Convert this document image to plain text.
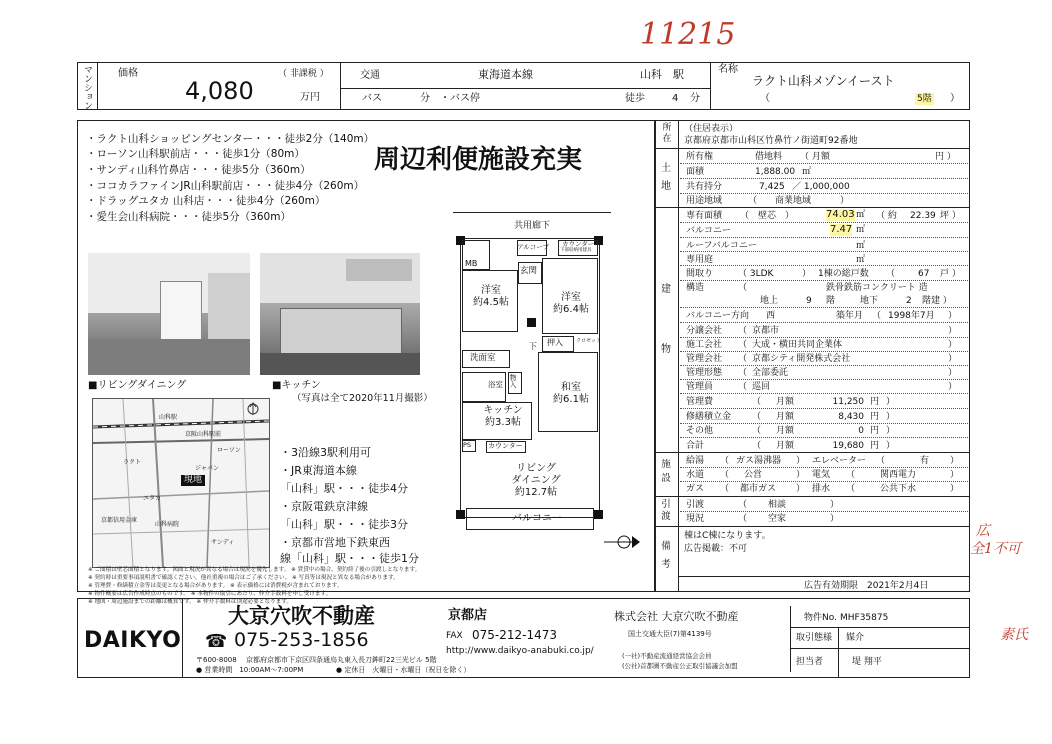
11215
広
全1不可
素氏
マンション	価格	（ 非課税 ）
4,080	万円
交通	東海道本線	山科　駅
バス	分　・バス停	徒歩	4 分
名称
ラクト山科メゾンイースト
（	5階 ）
・ラクト山科ショッピングセンター・・・徒歩2分（140m）
・ローソン山科駅前店・・・徒歩1分（80m）
・サンディ山科竹鼻店・・・徒歩5分（360m）
・ココカラファインJR山科駅前店・・・徒歩4分（260m）
・ドラッグユタカ 山科店・・・徒歩4分（260m）
・愛生会山科病院・・・徒歩5分（360m）
周辺利便施設充実
■リビングダイニング	■キッチン
（写真は全て2020年11月撮影）
現地
京阪山科駅前
ジャパン
サンディ
ユタカ
山科病院
京都信用金庫
山科駅
ローソン
ラクト
・3沿線3駅利用可
・JR東海道本線
「山科」駅・・・徒歩4分
・京阪電鉄京津線
「山科」駅・・・徒歩3分
・京都市営地下鉄東西
線「山科」駅・・・徒歩1分
共用廊下
MB
アルコーブ カウンター
下部収納用建具
洋室
約4.5帖
玄関
洋室
約6.4帖
洗面室
浴室
下 押入	クロゼット
和室
約6.1帖
物入
キッチン
約3.3帖
PS カウンター
リビング
ダイニング
約12.7帖
バルコニー
※ ご面積は壁芯面積となります。図面と現況が異なる場合は現況を優先します。 ※ 賃貸中の場合、契約終了後の引渡しとなります。
※ 契約時は重要事項説明書で確認ください。他社重複の場合はご了承ください。 ※ 写真等は現況と異なる場合があります。
※ 管理費・修繕積立金等は変更となる場合があります。 ※ 表示価格には消費税が含まれております。
※ 物件概要は広告作成時点のものです。 ※ 本物件の取引にあたり、仲介手数料を申し受けます。
※ 地図・周辺施設までの距離は概算です。 ※ 仲介手数料は別途必要となります。
所在
土地
建物
施設
引渡
備考
（住居表示）
京都府京都市山科区竹鼻竹ノ街道町92番地
所有権	借地料 （ 月額	円 ）
面積	1,888.00 ㎡
共有持分	7,425 ／ 1,000,000
用途地域	（ 商業地域	）
専有面積 （　壁芯　）	74.03 ㎡ （ 約 22.39 坪 ）
バルコニー	7.47 ㎡
ルーフバルコニー	㎡
専用庭	㎡
間取り	（ 3LDK	） 1棟の総戸数 （	67 戸 ）
構造	（	鉄骨鉄筋コンクリート 造
地上	9 階	地下	2 階建 ）
バルコニー方向 西	築年月 （ 1998年7月 ）
分譲会社 （ 京都市	）
施工会社 （ 大成・横田共同企業体	）
管理会社 （ 京都シティ開発株式会社	）
管理形態 （ 全部委託	）
管理員	（ 巡回	）
管理費	（ 月額	11,250 円 ）
修繕積立金 （ 月額	8,430 円 ）
その他	（ 月額	0 円 ）
合計	（ 月額	19,680 円 ）
給湯 （ ガス湯沸器 ） エレベーター （	有 ）
水道 （ 公営	） 電気 （	関西電力	）
ガス （ 都市ガス ） 排水 （	公共下水	）
引渡	（ 相談	）
現況	（ 空家	）
棟はC棟になります。
広告掲載：不可
広告有効期限　2021年2月4日
DAIKYO
大京穴吹不動産	京都店
☎ 075-253-1856	FAX 075-212-1473
http://www.daikyo-anabuki.co.jp/
〒600-8008 京都府京都市下京区四条通烏丸東入長刀鉾町22三光ビル 5階
● 営業時間　10:00AM〜7:00PM	● 定休日　火曜日・水曜日（祝日を除く）
株式会社 大京穴吹不動産
国土交通大臣(7)第4139号
(一社)不動産流通経営協会会員
(公社)首都圏不動産公正取引協議会加盟
物件No. MHF35875
取引態様 媒介
担当者	堤 翔平
